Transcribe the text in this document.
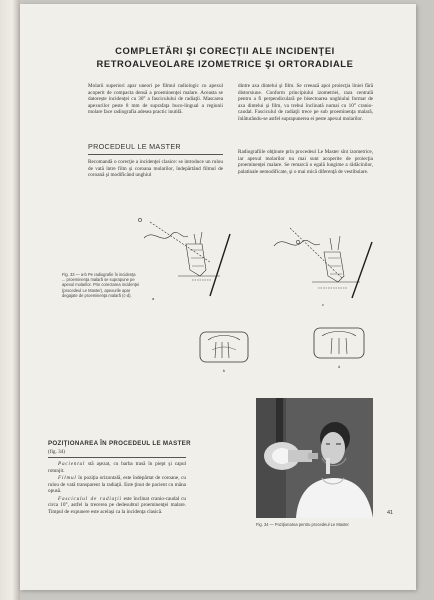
COMPLETĂRI ŞI CORECŢII ALE INCIDENŢEI
RETROALVEOLARE IZOMETRICE ŞI ORTORADIALE
Molarii superiori apar uneori pe filmul radiologic cu apexul acoperit de compacta densă a proeminenţei malare. Aceasta se datorește incidenţei cu 30° a fasciculului de radiaţii. Mascarea apexurilor peste 8 mm de suprafaţa buco-lingual a regiunii molare face radiografia adesea practic inutilă.
dintre axa dintelui şi film. Se creează apoi proiecţia liniei fără distorsiune. Conform principiului izometriei, raza centrală pentru a fi perpendiculară pe bisectoarea unghiului format de axa dintelui şi film, va trebui înclinată numai cu 10° cranio-caudal. Fasciculul de radiaţii trece pe sub proeminenţa malară, înlăturându-se astfel suprapunerea ei peste apexul molarilor.
PROCEDEUL LE MASTER
Recomandă o corecţie a incidenţei clasice: se introduce un rulou de vată între film şi coroana molarilor, îndepărtând filmul de coroană şi modificând unghiul
Radiografiile obţinute prin procedeul Le Master sînt izometrice, iar apexul molarilor nu mai sunt acoperite de proiecţia proeminenţei malare. Se remarcă o egală lungime a rădăcinilor, palatinale nemodificate, şi o mai mică diferenţă de vestibulare.
a
c
Fig. 33 — a-b Pe radiografie în incidenţa ... proeminenţa malară se suprapune pe apexul molarilor. Prin corectarea incidenţei (procedeul Le Master), apexurile apar degajate de proeminenţa malară (c-d).
b
d
POZIŢIONAREA ÎN PROCEDEUL LE MASTER
(fig. 34)

Pacientul stă aşezat, cu barba trasă în piept şi capul rotunjit.

Filmul în poziţia orizontală, este îndepărtat de coroane, cu rulou de vată transparent la radiaţii. Este ţinut de pacient cu mâna opusă.

Fasciculul de radiaţii este înclinat cranio-caudal cu circa 10°, astfel la trecerea pe dedesubtul proeminenţei malare. Timpul de expunere este acelaşi ca la incidenţa clasică.

Fig. 34 — Poziţionarea pentru procedeul Le Master
41
